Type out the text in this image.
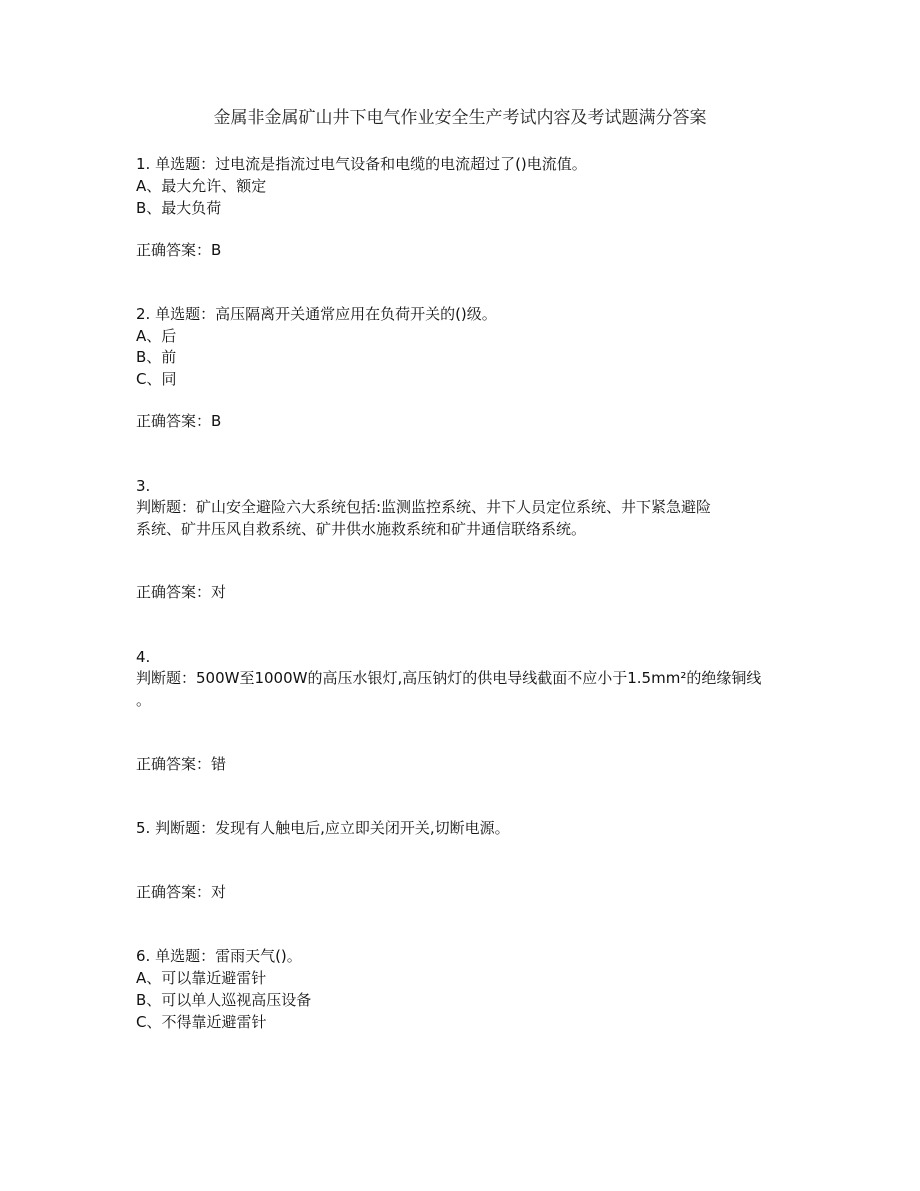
金属非金属矿山井下电气作业安全生产考试内容及考试题满分答案
1. 单选题：过电流是指流过电气设备和电缆的电流超过了()电流值。
A、最大允许、额定
B、最大负荷
正确答案：B
2. 单选题：高压隔离开关通常应用在负荷开关的()级。
A、后
B、前
C、同
正确答案：B
3.
判断题：矿山安全避险六大系统包括:监测监控系统、井下人员定位系统、井下紧急避险
系统、矿井压风自救系统、矿井供水施救系统和矿井通信联络系统。
正确答案：对
4.
判断题：500W至1000W的高压水银灯,高压钠灯的供电导线截面不应小于1.5mm²的绝缘铜线
。
正确答案：错
5. 判断题：发现有人触电后,应立即关闭开关,切断电源。
正确答案：对
6. 单选题：雷雨天气()。
A、可以靠近避雷针
B、可以单人巡视高压设备
C、不得靠近避雷针
